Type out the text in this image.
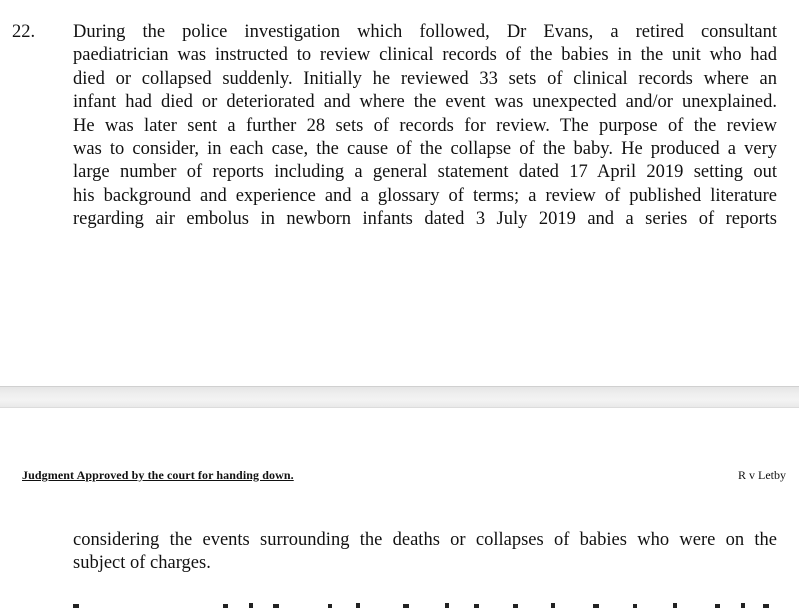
22. During the police investigation which followed, Dr Evans, a retired consultant
paediatrician was instructed to review clinical records of the babies in the unit who had
died or collapsed suddenly. Initially he reviewed 33 sets of clinical records where an
infant had died or deteriorated and where the event was unexpected and/or unexplained.
He was later sent a further 28 sets of records for review. The purpose of the review
was to consider, in each case, the cause of the collapse of the baby. He produced a very
large number of reports including a general statement dated 17 April 2019 setting out
his background and experience and a glossary of terms; a review of published literature
regarding air embolus in newborn infants dated 3 July 2019 and a series of reports
Judgment Approved by the court for handing down.	R v Letby
considering the events surrounding the deaths or collapses of babies who were on the
subject of charges.
